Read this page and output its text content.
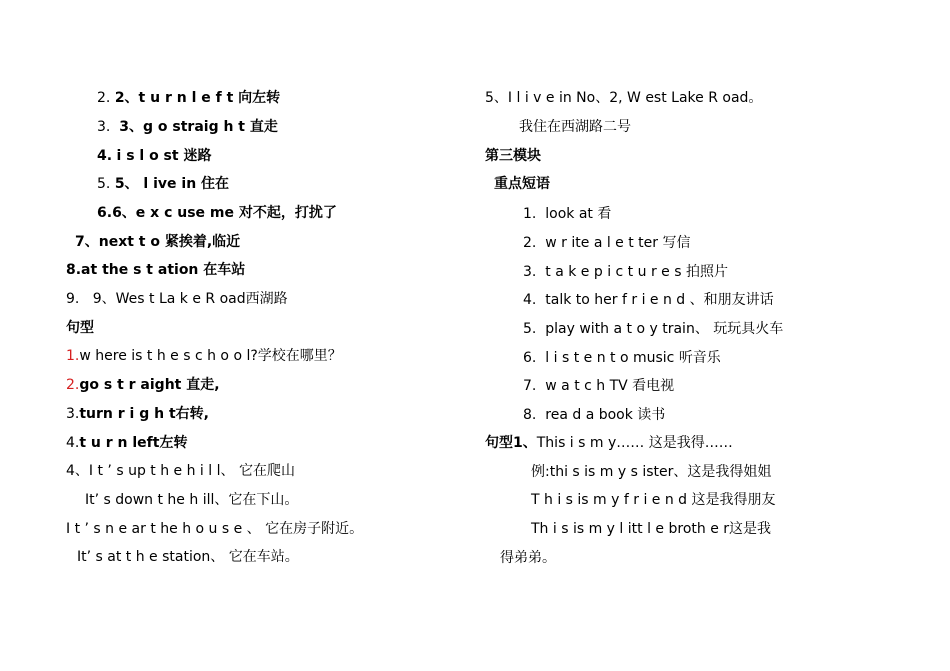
2. 2、t u r n l e f t 向左转
3. 3、g o straig h t 直走
4. i s l o st 迷路
5. 5、 l ive in 住在
6.6、e x c use me 对不起，打扰了
7、next t o 紧挨着,临近
8.at the s t ation 在车站
9. 9、Wes t La k e R oad西湖路
句型
1.w here is t h e s c h o o l?学校在哪里？
2.go s t r aight 直走,
3.turn r i g h t右转,
4.t u r n left左转
4、I t ’ s up t h e h i l l、 它在爬山
It’ s down t he h ill、它在下山。
I t ’ s n e ar t he h o u s e 、 它在房子附近。
It’ s at t h e station、 它在车站。
5、I l i v e in No、2, W est Lake R oad。
我住在西湖路二号
第三模块
重点短语
1. look at 看
2. w r ite a l e t ter 写信
3.  t a k e p i c t u r e s 拍照片
4. talk to her f r i e n d 、和朋友讲话
5. play with a t o y train、 玩玩具火车
6. l i s t e n t o music 听音乐
7.  w a t c h TV 看电视
8. rea d a book 读书
句型1、This i s m y…… 这是我得……
例:thi s is m y s ister、这是我得姐姐
T h i s is m y f r i e n d 这是我得朋友
Th i s is m y l itt l e broth e r这是我
得弟弟。
